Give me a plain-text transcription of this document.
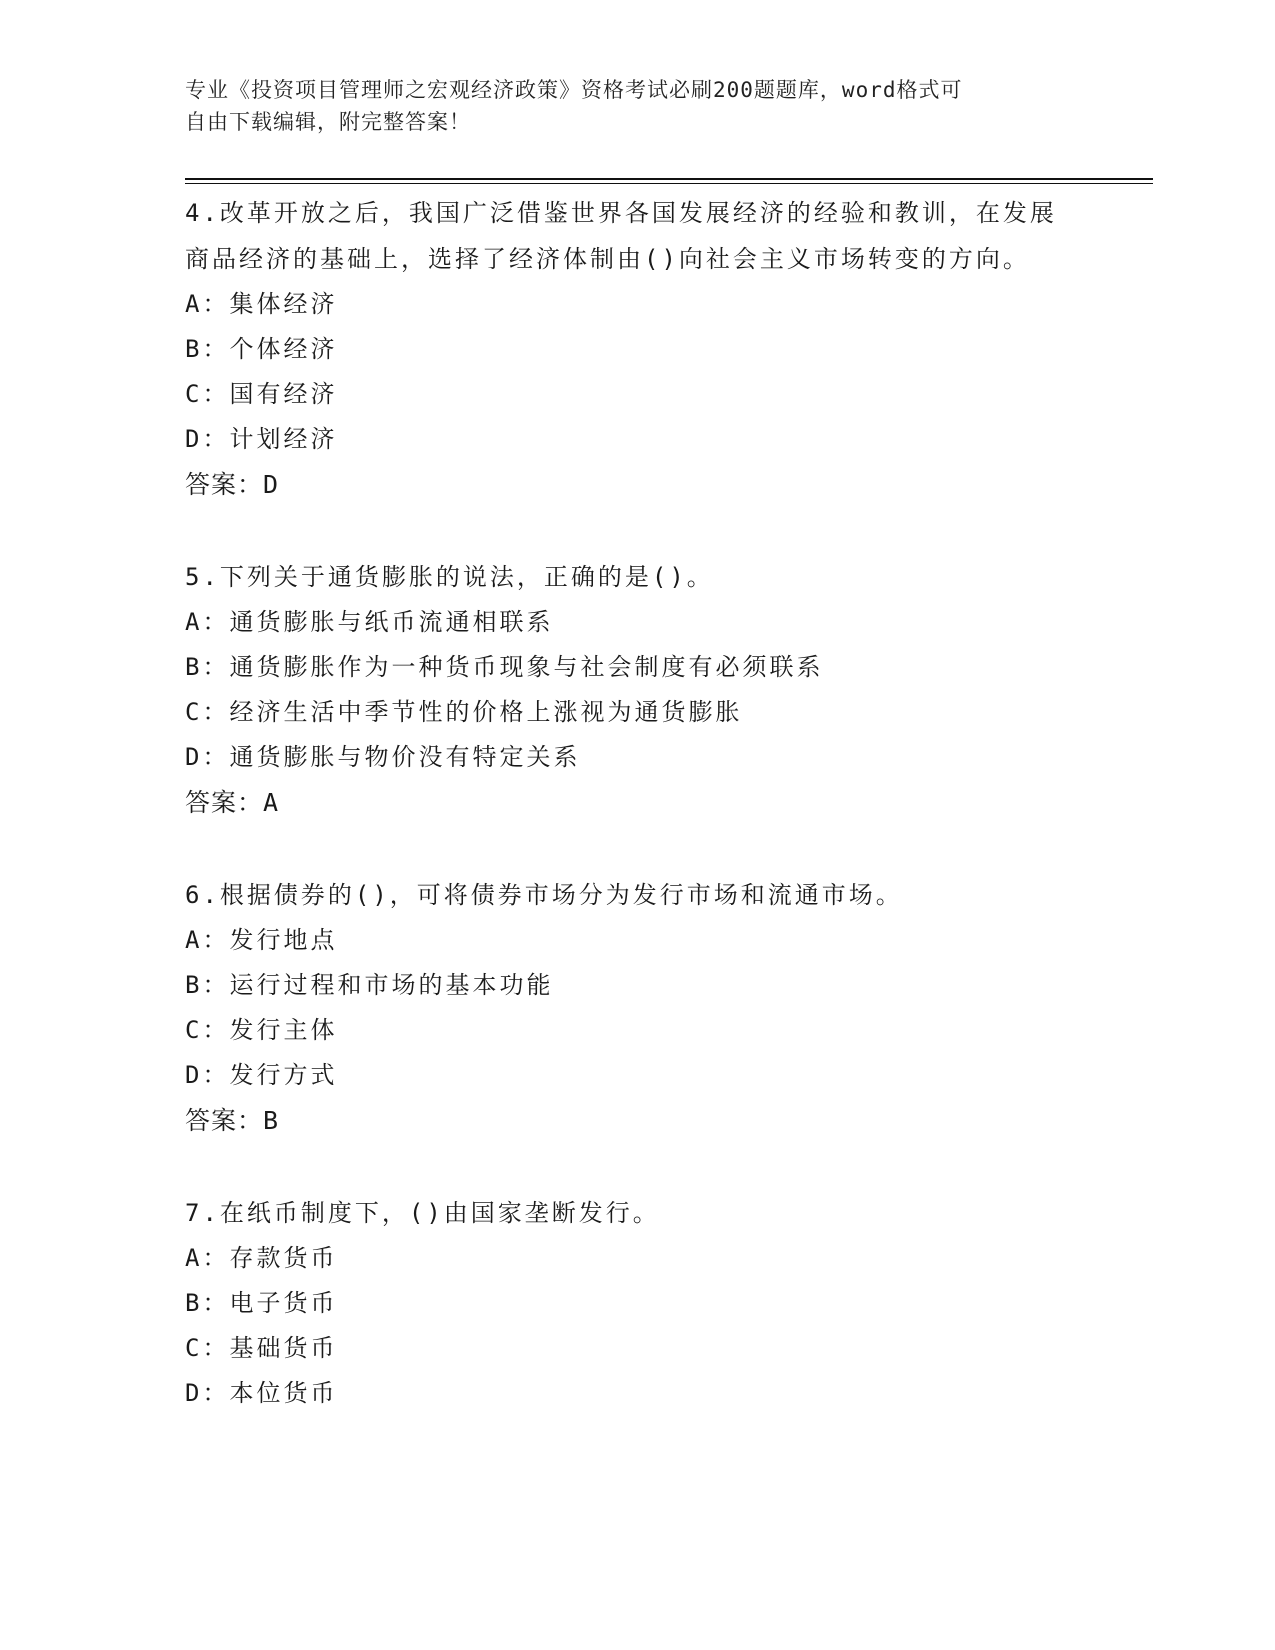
专业《投资项目管理师之宏观经济政策》资格考试必刷200题题库，word格式可
自由下载编辑，附完整答案！

4.改革开放之后，我国广泛借鉴世界各国发展经济的经验和教训，在发展商品经济的基础上，选择了经济体制由()向社会主义市场转变的方向。

A：集体经济

B：个体经济

C：国有经济

D：计划经济

答案：D

5.下列关于通货膨胀的说法，正确的是()。

A：通货膨胀与纸币流通相联系

B：通货膨胀作为一种货币现象与社会制度有必须联系

C：经济生活中季节性的价格上涨视为通货膨胀

D：通货膨胀与物价没有特定关系

答案：A

6.根据债券的()，可将债券市场分为发行市场和流通市场。

A：发行地点

B：运行过程和市场的基本功能

C：发行主体

D：发行方式

答案：B

7.在纸币制度下，()由国家垄断发行。

A：存款货币

B：电子货币

C：基础货币

D：本位货币
